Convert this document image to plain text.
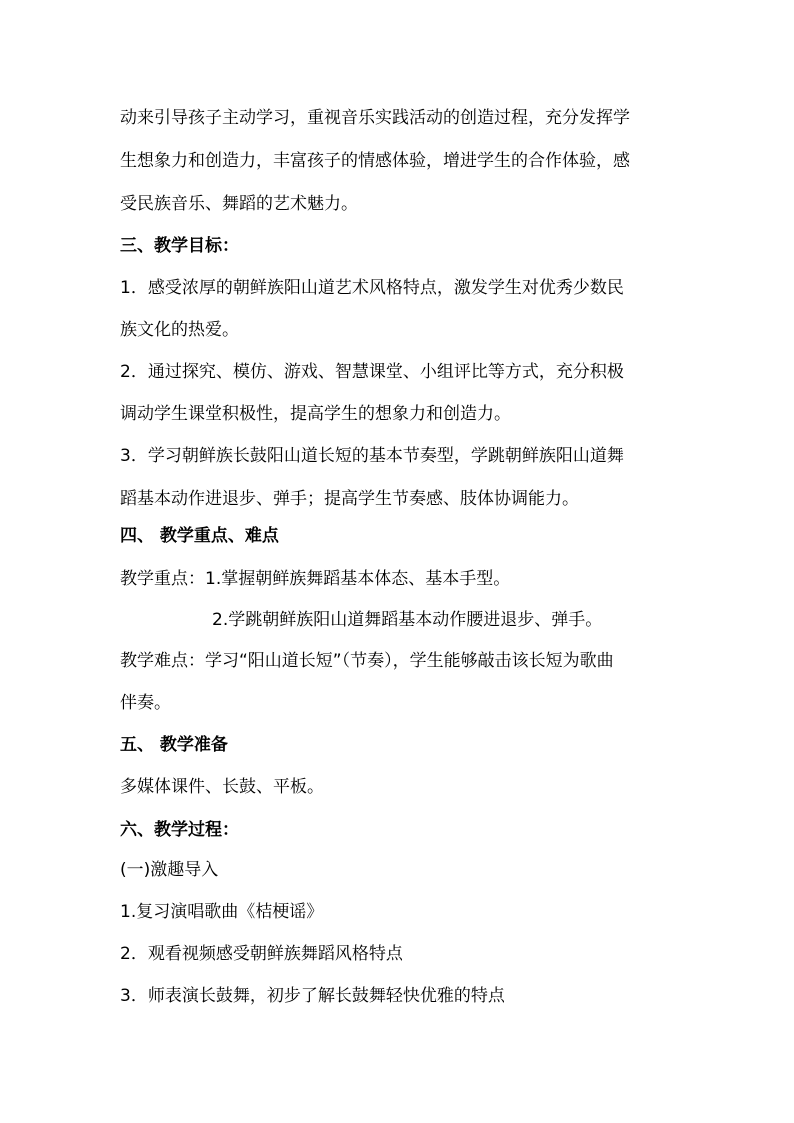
动来引导孩子主动学习，重视音乐实践活动的创造过程，充分发挥学
生想象力和创造力，丰富孩子的情感体验，增进学生的合作体验，感
受民族音乐、舞蹈的艺术魅力。
三、教学目标：
1．感受浓厚的朝鲜族阳山道艺术风格特点，激发学生对优秀少数民
族文化的热爱。
2．通过探究、模仿、游戏、智慧课堂、小组评比等方式，充分积极
调动学生课堂积极性，提高学生的想象力和创造力。
3．学习朝鲜族长鼓阳山道长短的基本节奏型，学跳朝鲜族阳山道舞
蹈基本动作进退步、弹手；提高学生节奏感、肢体协调能力。
四、 教学重点、难点
教学重点：1.掌握朝鲜族舞蹈基本体态、基本手型。
2.学跳朝鲜族阳山道舞蹈基本动作腰进退步、弹手。
教学难点：学习“阳山道长短”（节奏），学生能够敲击该长短为歌曲
伴奏。
五、 教学准备
多媒体课件、长鼓、平板。
六、教学过程：
(一)激趣导入
1.复习演唱歌曲《桔梗谣》
2．观看视频感受朝鲜族舞蹈风格特点
3．师表演长鼓舞，初步了解长鼓舞轻快优雅的特点
